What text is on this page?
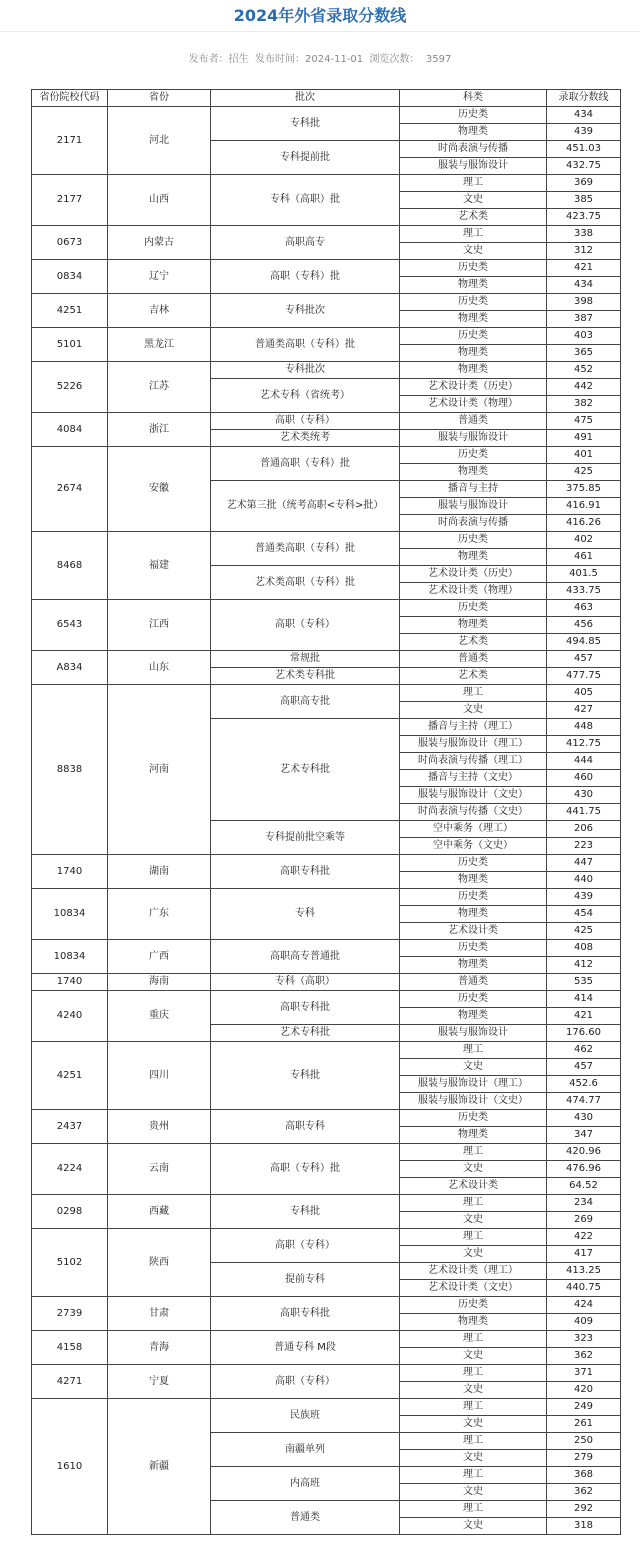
2024年外省录取分数线
发布者：招生 发布时间：2024-11-01 浏览次数： 3597
省份院校代码	省份	批次	科类	录取分数线
2171	河北	专科批	历史类	434
			物理类	439
		专科提前批	时尚表演与传播	451.03
			服装与服饰设计	432.75
2177	山西	专科（高职）批	理工	369
			文史	385
			艺术类	423.75
0673	内蒙古	高职高专	理工	338
			文史	312
0834	辽宁	高职（专科）批	历史类	421
			物理类	434
4251	吉林	专科批次	历史类	398
			物理类	387
5101	黑龙江	普通类高职（专科）批	历史类	403
			物理类	365
5226	江苏	专科批次	物理类	452
		艺术专科（省统考）	艺术设计类（历史）	442
			艺术设计类（物理）	382
4084	浙江	高职（专科）	普通类	475
		艺术类统考	服装与服饰设计	491
2674	安徽	普通高职（专科）批	历史类	401
			物理类	425
		艺术第三批（统考高职<专科>批）	播音与主持	375.85
			服装与服饰设计	416.91
			时尚表演与传播	416.26
8468	福建	普通类高职（专科）批	历史类	402
			物理类	461
		艺术类高职（专科）批	艺术设计类（历史）	401.5
			艺术设计类（物理）	433.75
6543	江西	高职（专科）	历史类	463
			物理类	456
			艺术类	494.85
A834	山东	常规批	普通类	457
		艺术类专科批	艺术类	477.75
8838	河南	高职高专批	理工	405
			文史	427
		艺术专科批	播音与主持（理工）	448
			服装与服饰设计（理工）	412.75
			时尚表演与传播（理工）	444
			播音与主持（文史）	460
			服装与服饰设计（文史）	430
			时尚表演与传播（文史）	441.75
		专科提前批空乘等	空中乘务（理工）	206
			空中乘务（文史）	223
1740	湖南	高职专科批	历史类	447
			物理类	440
10834	广东	专科	历史类	439
			物理类	454
			艺术设计类	425
10834	广西	高职高专普通批	历史类	408
			物理类	412
1740	海南	专科（高职）	普通类	535
4240	重庆	高职专科批	历史类	414
			物理类	421
		艺术专科批	服装与服饰设计	176.60
4251	四川	专科批	理工	462
			文史	457
			服装与服饰设计（理工）	452.6
			服装与服饰设计（文史）	474.77
2437	贵州	高职专科	历史类	430
			物理类	347
4224	云南	高职（专科）批	理工	420.96
			文史	476.96
			艺术设计类	64.52
0298	西藏	专科批	理工	234
			文史	269
5102	陕西	高职（专科）	理工	422
			文史	417
		提前专科	艺术设计类（理工）	413.25
			艺术设计类（文史）	440.75
2739	甘肃	高职专科批	历史类	424
			物理类	409
4158	青海	普通专科 M段	理工	323
			文史	362
4271	宁夏	高职（专科）	理工	371
			文史	420
1610	新疆	民族班	理工	249
			文史	261
		南疆单列	理工	250
			文史	279
		内高班	理工	368
			文史	362
		普通类	理工	292
			文史	318
